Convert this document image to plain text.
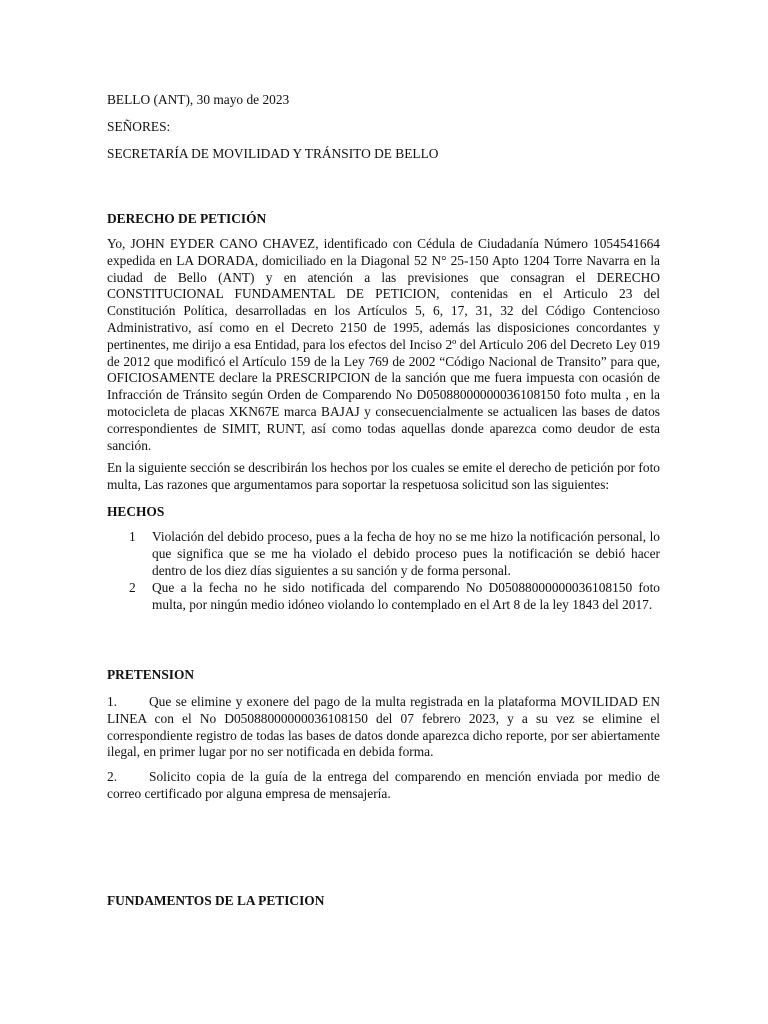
BELLO (ANT), 30 mayo de 2023
SEÑORES:
SECRETARÍA DE MOVILIDAD Y TRÁNSITO DE BELLO
DERECHO DE PETICIÓN

Yo, JOHN EYDER CANO CHAVEZ, identificado con Cédula de Ciudadanía Número 1054541664 expedida en LA DORADA, domiciliado en la Diagonal 52 N° 25-150 Apto 1204 Torre Navarra en la ciudad de Bello (ANT) y en atención a las previsiones que consagran el DERECHO CONSTITUCIONAL FUNDAMENTAL DE PETICION, contenidas en el Articulo 23 del Constitución Política, desarrolladas en los Artículos 5, 6, 17, 31, 32 del Código Contencioso Administrativo, así como en el Decreto 2150 de 1995, además las disposiciones concordantes y pertinentes, me dirijo a esa Entidad, para los efectos del Inciso 2º del Articulo 206 del Decreto Ley 019 de 2012 que modificó el Artículo 159 de la Ley 769 de 2002 “Código Nacional de Transito” para que, OFICIOSAMENTE declare la PRESCRIPCION de la sanción que me fuera impuesta con ocasión de Infracción de Tránsito según Orden de Comparendo No D05088000000036108150 foto multa , en la motocicleta de placas XKN67E marca BAJAJ y consecuencialmente se actualicen las bases de datos correspondientes de SIMIT, RUNT, así como todas aquellas donde aparezca como deudor de esta sanción.

En la siguiente sección se describirán los hechos por los cuales se emite el derecho de petición por foto multa, Las razones que argumentamos para soportar la respetuosa solicitud son las siguientes:

HECHOS
1 Violación del debido proceso, pues a la fecha de hoy no se me hizo la notificación personal, lo que significa que se me ha violado el debido proceso pues la notificación se debió hacer dentro de los diez días siguientes a su sanción y de forma personal.

2 Que a la fecha no he sido notificada del comparendo No D05088000000036108150 foto multa, por ningún medio idóneo violando lo contemplado en el Art 8 de la ley 1843 del 2017.

PRETENSION

1. Que se elimine y exonere del pago de la multa registrada en la plataforma MOVILIDAD EN LINEA con el No D05088000000036108150 del 07 febrero 2023, y a su vez se elimine el correspondiente registro de todas las bases de datos donde aparezca dicho reporte, por ser abiertamente ilegal, en primer lugar por no ser notificada en debida forma.

2. Solicito copia de la guía de la entrega del comparendo en mención enviada por medio de correo certificado por alguna empresa de mensajería.

FUNDAMENTOS DE LA PETICION
